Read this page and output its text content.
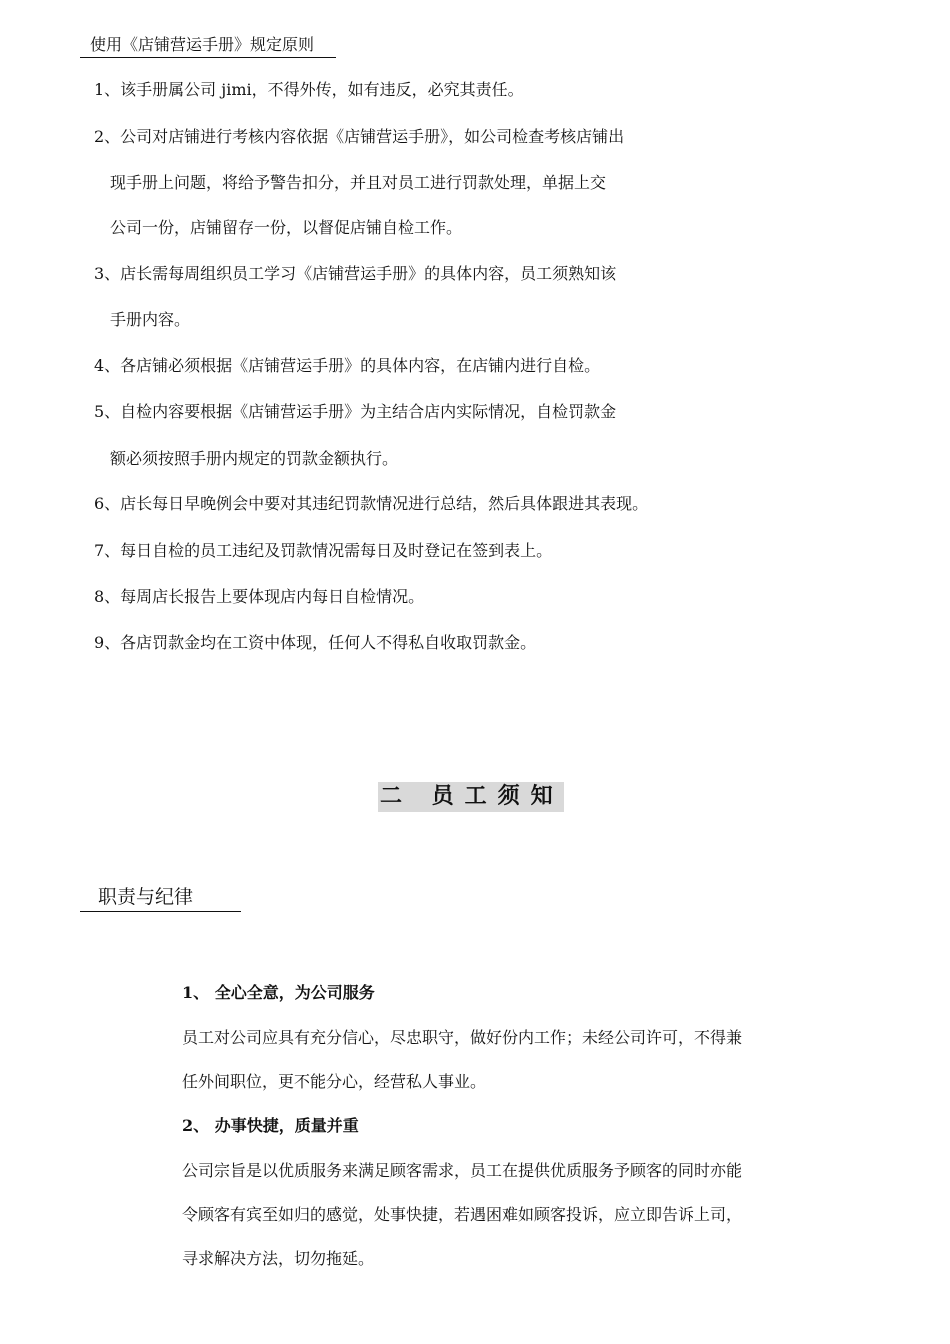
使用《店铺营运手册》规定原则
1、该手册属公司 jimi，不得外传，如有违反，必究其责任。
2、公司对店铺进行考核内容依据《店铺营运手册》，如公司检查考核店铺出
现手册上问题，将给予警告扣分，并且对员工进行罚款处理，单据上交
公司一份，店铺留存一份，以督促店铺自检工作。
3、店长需每周组织员工学习《店铺营运手册》的具体内容，员工须熟知该
手册内容。
4、各店铺必须根据《店铺营运手册》的具体内容，在店铺内进行自检。
5、自检内容要根据《店铺营运手册》为主结合店内实际情况，自检罚款金
额必须按照手册内规定的罚款金额执行。
6、店长每日早晚例会中要对其违纪罚款情况进行总结，然后具体跟进其表现。
7、每日自检的员工违纪及罚款情况需每日及时登记在签到表上。
8、每周店长报告上要体现店内每日自检情况。
9、各店罚款金均在工资中体现，任何人不得私自收取罚款金。
二 员工须知
职责与纪律
1、 全心全意，为公司服务
员工对公司应具有充分信心，尽忠职守，做好份内工作；未经公司许可，不得兼
任外间职位，更不能分心，经营私人事业。
2、 办事快捷，质量并重
公司宗旨是以优质服务来满足顾客需求，员工在提供优质服务予顾客的同时亦能
令顾客有宾至如归的感觉，处事快捷，若遇困难如顾客投诉，应立即告诉上司，
寻求解决方法，切勿拖延。
